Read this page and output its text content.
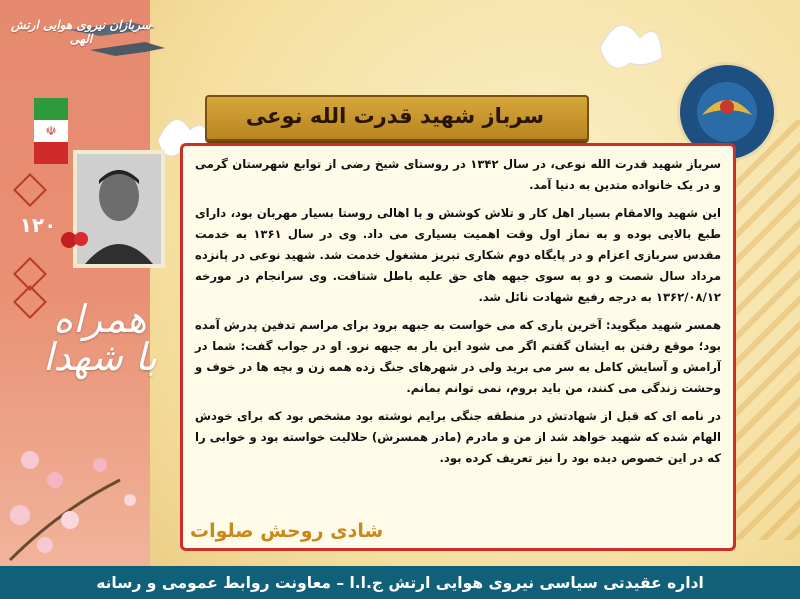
سربازان نیروی هوایی ارتش الهی
☫
سرباز شهید قدرت الله نوعی
۱۲۰
همراه با شهدا

سرباز شهید قدرت الله نوعی، در سال ۱۳۴۲ در روستای شیخ رضی از توابع شهرستان گرمی و در یک خانواده متدین به دنیا آمد.

این شهید والامقام بسیار اهل کار و تلاش کوشش و با اهالی روستا بسیار مهربان بود، دارای طبع بالایی بوده و به نماز اول وقت اهمیت بسیاری می داد. وی در سال ۱۳۶۱ به خدمت مقدس سربازی اعزام و در پایگاه دوم شکاری تبریز مشغول خدمت شد. شهید نوعی در پانزده مرداد سال شصت و دو به سوی جبهه های حق علیه باطل شتافت. وی سرانجام در مورخه ۱۳۶۲/۰۸/۱۲ به درجه رفیع شهادت نائل شد.

همسر شهید میگوید: آخرین باری که می خواست به جبهه برود برای مراسم تدفین پدرش آمده بود؛ موقع رفتن به ایشان گفتم اگر می شود این بار به جبهه نرو. او در جواب گفت: شما در آرامش و آسایش کامل به سر می برید ولی در شهرهای جنگ زده همه زن و بچه ها در خوف و وحشت زندگی می کنند، من باید بروم، نمی توانم بمانم.

در نامه ای که قبل از شهادتش در منطقه جنگی برایم نوشته بود مشخص بود که برای خودش الهام شده که شهید خواهد شد از من و مادرم (مادر همسرش) حلالیت خواسته بود و خوابی را که در این خصوص دیده بود را نیز تعریف کرده بود.

شادی روحش صلوات
اداره عقیدتی سیاسی نیروی هوایی ارتش ج.ا.ا – معاونت روابط عمومی و رسانه
